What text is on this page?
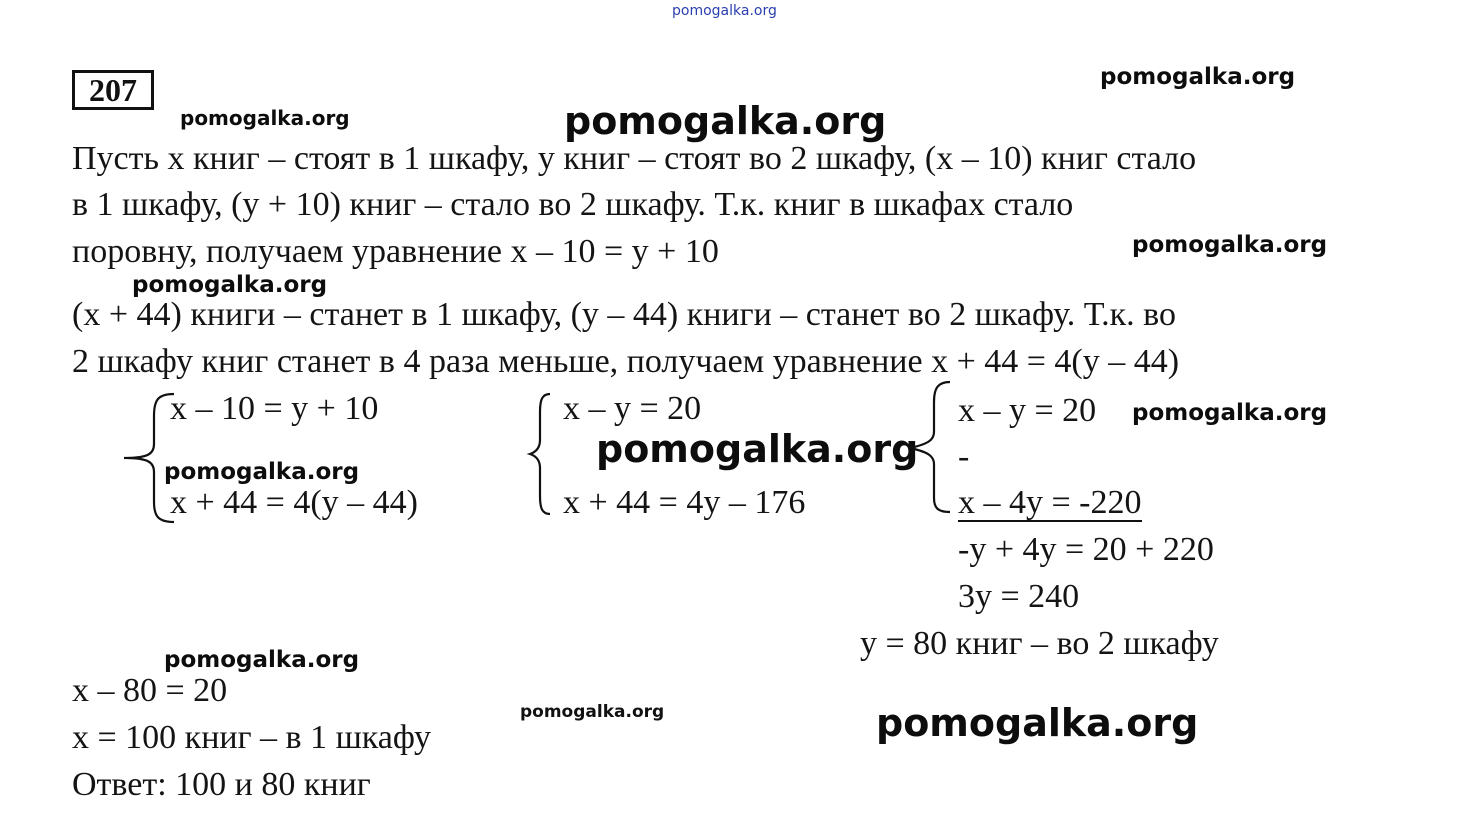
pomogalka.org
207	pomogalka.org
pomogalka.org	pomogalka.org
Пусть х книг – стоят в 1 шкафу, у книг – стоят во 2 шкафу, (х – 10) книг стало
в 1 шкафу, (у + 10) книг – стало во 2 шкафу. Т.к. книг в шкафах стало
поровну, получаем уравнение х – 10 = у + 10	pomogalka.org
(х + 44) книги – станет в 1 шкафу, (у – 44) книги – станет во 2 шкафу. Т.к. во
pomogalka.org
2 шкафу книг станет в 4 раза меньше, получаем уравнение х + 44 = 4(у – 44)
х – 10 = у + 10
pomogalka.org
х + 44 = 4(у – 44)
х – у = 20
х + 44 = 4у – 176
pomogalka.org
х – у = 20
-
х – 4у = -220
pomogalka.org
-у + 4у = 20 + 220
3у = 240
у = 80 книг – во 2 шкафу
pomogalka.org
х – 80 = 20
pomogalka.org
х = 100 книг – в 1 шкафу
Ответ: 100 и 80 книг
pomogalka.org
